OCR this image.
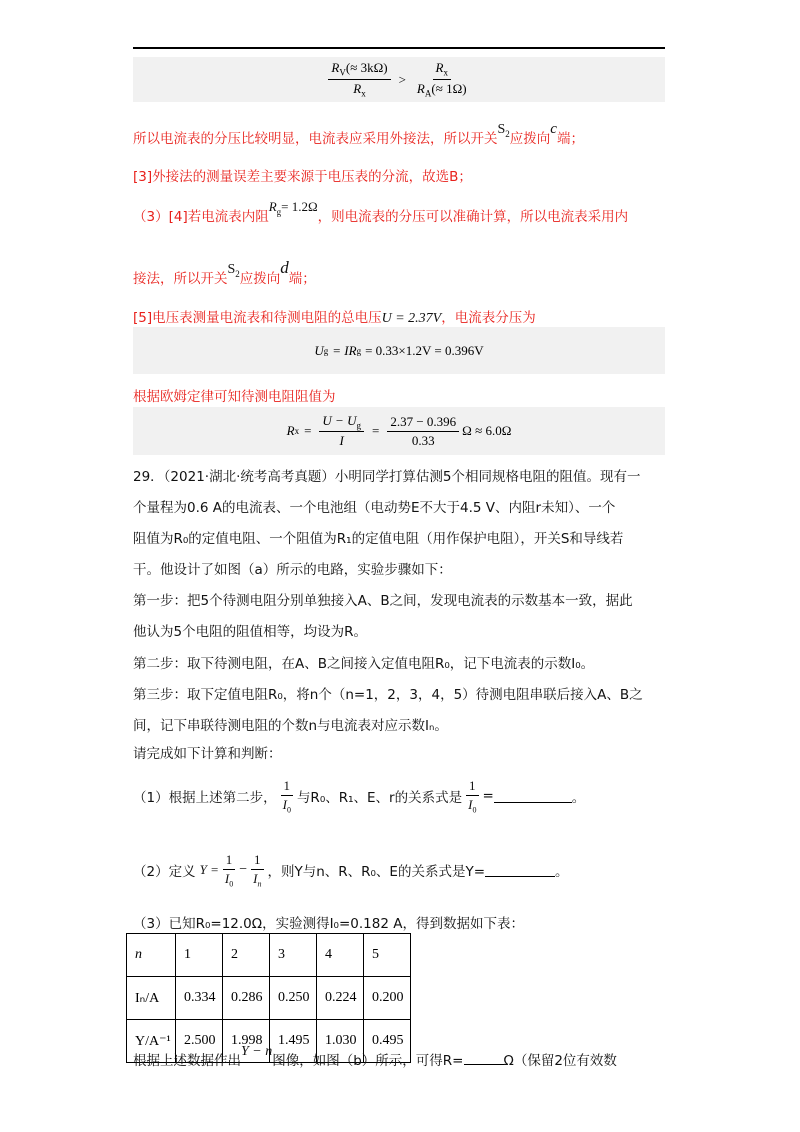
$\frac{R_V(\approx 3k\Omega)}{R_x} > \frac{R_x}{R_A(\approx 1\Omega)}$
所以电流表的分压比较明显，电流表应采用外接法，所以开关$S_2$应拨向c端；
[3]外接法的测量误差主要来源于电压表的分流，故选B；
（3）[4]若电流表内阻$R_g= 1.2\Omega$，则电流表的分压可以准确计算，所以电流表采用内
接法，所以开关$S_2$应拨向d端；
[5]电压表测量电流表和待测电阻的总电压U = 2.37V，电流表分压为
U g = IR g = 0.33×1.2V = 0.396V
根据欧姆定律可知待测电阻阻值为
R $x = \frac{U - U_g}{I} = \frac{2.37 - 0.396}{0.33}$ Ω ≈ 6.0Ω
29．（2021·湖北·统考高考真题）小明同学打算估测5个相同规格电阻的阻值。现有一
个量程为0.6 A的电流表、一个电池组（电动势E不大于4.5 V、内阻r未知）、一个
阻值为R₀的定值电阻、一个阻值为R₁的定值电阻（用作保护电阻），开关S和导线若
干。他设计了如图（a）所示的电路，实验步骤如下：
第一步：把5个待测电阻分别单独接入A、B之间，发现电流表的示数基本一致，据此
他认为5个电阻的阻值相等，均设为R。
第二步：取下待测电阻，在A、B之间接入定值电阻R₀，记下电流表的示数I₀。
第三步：取下定值电阻R₀，将n个（n=1，2，3，4，5）待测电阻串联后接入A、B之
间，记下串联待测电阻的个数n与电流表对应示数Iₙ。
请完成如下计算和判断：
（1）根据上述第二步， $\frac{1}{I_0}$ 与R₀、R₁、E、r的关系式是 $\frac{1}{I_0}$ =	。
（2）定义 $Y = \frac{1}{I_0} - \frac{1}{I_n}$ ，则Y与n、R、R₀、E的关系式是Y=	。
（3）已知R₀=12.0Ω，实验测得I₀=0.182 A，得到数据如下表：
n	1	2	3	4	5
Iₙ/A	0.334	0.286	0.250	0.224	0.200
Y/A⁻¹	2.500	1.998	1.495	1.030	0.495
根据上述数据作出Y − n图像，如图（b）所示，可得R=	Ω（保留2位有效数
